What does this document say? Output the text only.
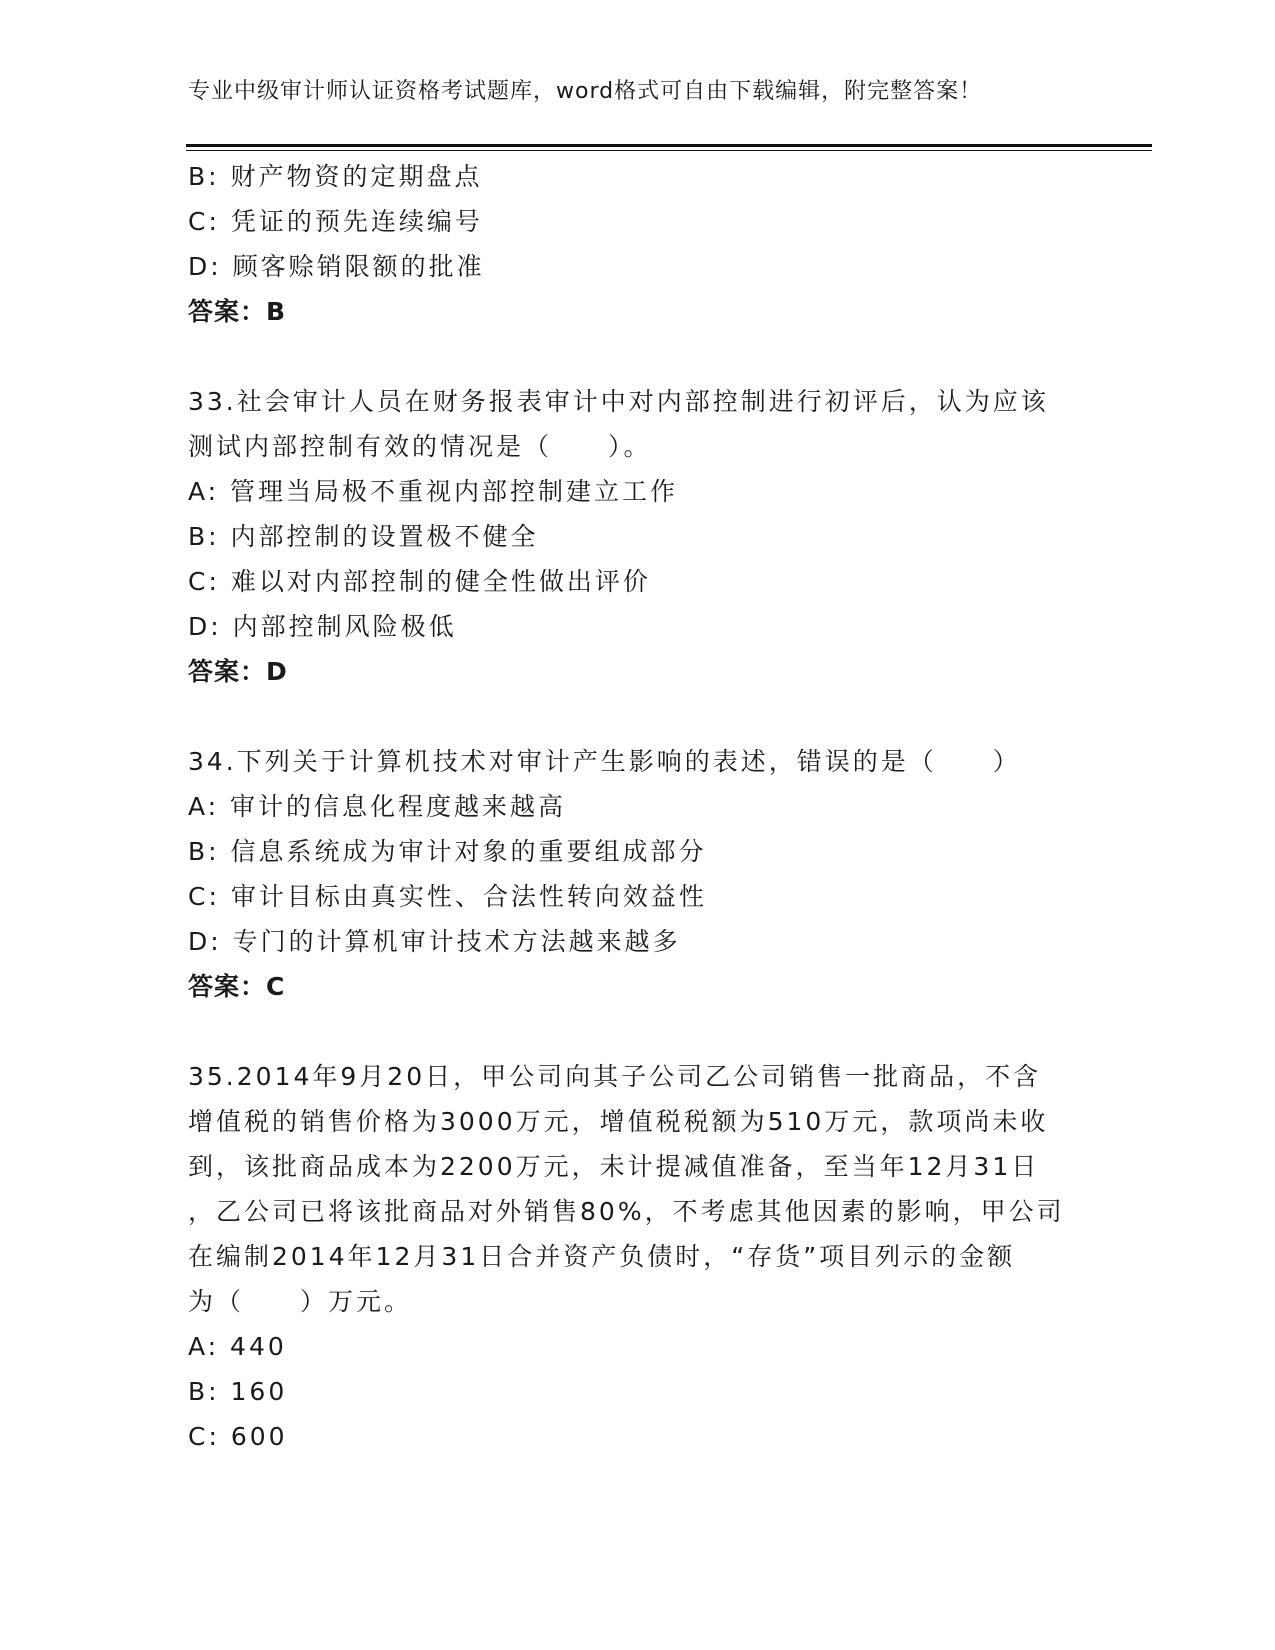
专业中级审计师认证资格考试题库，word格式可自由下载编辑，附完整答案！
B: 财产物资的定期盘点
C: 凭证的预先连续编号
D: 顾客赊销限额的批准
答案：B
33.社会审计人员在财务报表审计中对内部控制进行初评后，认为应该
测试内部控制有效的情况是（　　）。
A: 管理当局极不重视内部控制建立工作
B: 内部控制的设置极不健全
C: 难以对内部控制的健全性做出评价
D: 内部控制风险极低
答案：D
34.下列关于计算机技术对审计产生影响的表述，错误的是（　　）
A: 审计的信息化程度越来越高
B: 信息系统成为审计对象的重要组成部分
C: 审计目标由真实性、合法性转向效益性
D: 专门的计算机审计技术方法越来越多
答案：C
35.2014年9月20日，甲公司向其子公司乙公司销售一批商品，不含
增值税的销售价格为3000万元，增值税税额为510万元，款项尚未收
到，该批商品成本为2200万元，未计提减值准备，至当年12月31日
，乙公司已将该批商品对外销售80%，不考虑其他因素的影响，甲公司
在编制2014年12月31日合并资产负债时，“存货”项目列示的金额
为（　　）万元。
A: 440
B: 160
C: 600
